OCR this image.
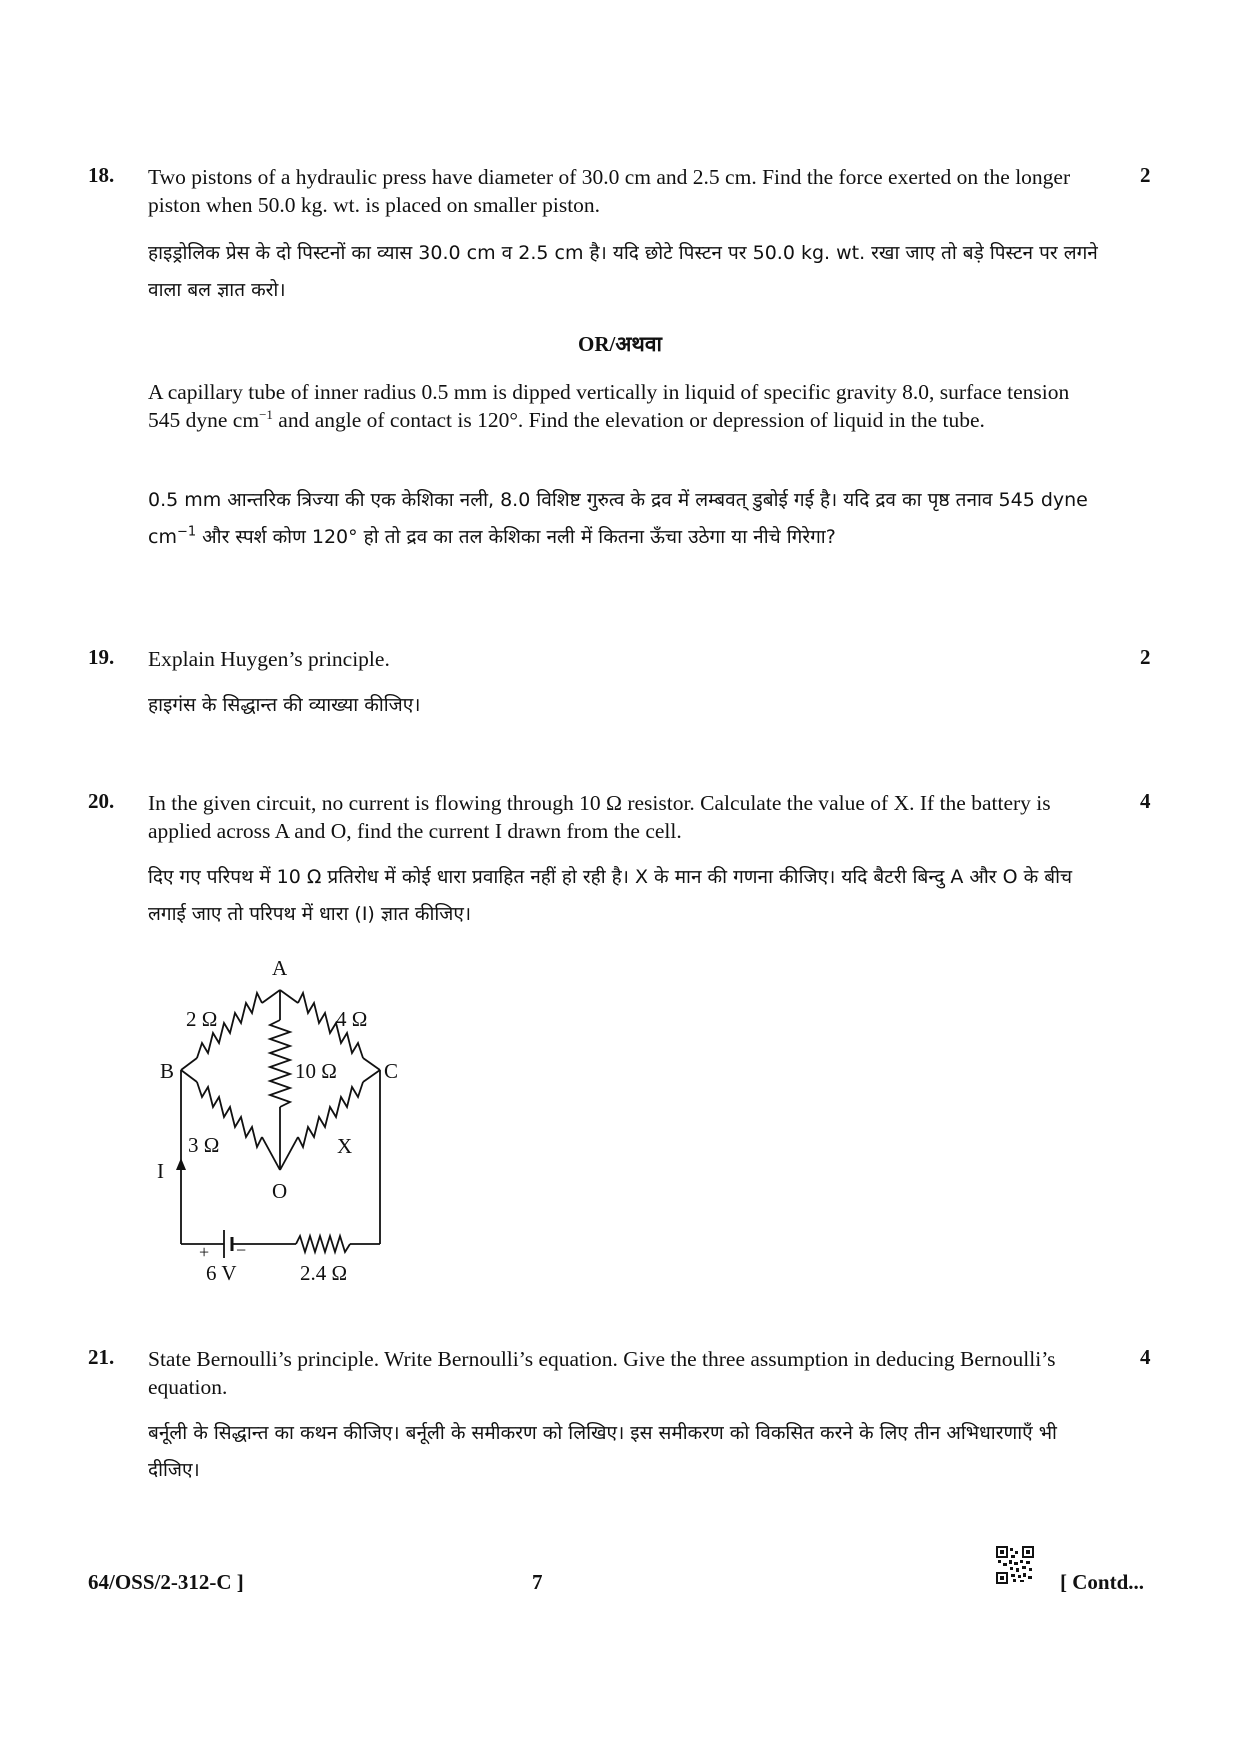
18. Two pistons of a hydraulic press have diameter of 30.0 cm and 2.5 cm. Find the force exerted on the longer piston when 50.0 kg. wt. is placed on smaller piston.
2
हाइड्रोलिक प्रेस के दो पिस्टनों का व्यास 30.0 cm व 2.5 cm है। यदि छोटे पिस्टन पर 50.0 kg. wt. रखा जाए तो बड़े पिस्टन पर लगने वाला बल ज्ञात करो।
OR/अथवा
A capillary tube of inner radius 0.5 mm is dipped vertically in liquid of specific gravity 8.0, surface tension 545 dyne $cm^{-1}$ and angle of contact is 120°. Find the elevation or depression of liquid in the tube.
0.5 mm आन्तरिक त्रिज्या की एक केशिका नली, 8.0 विशिष्ट गुरुत्व के द्रव में लम्बवत् डुबोई गई है। यदि द्रव का पृष्ठ तनाव 545 dyne $cm^{-1}$ और स्पर्श कोण 120° हो तो द्रव का तल केशिका नली में कितना ऊँचा उठेगा या नीचे गिरेगा?
19. Explain Huygen’s principle.	2
हाइगंस के सिद्धान्त की व्याख्या कीजिए।
20. In the given circuit, no current is flowing through 10 Ω resistor. Calculate the value of X. If the battery is applied across A and O, find the current I drawn from the cell.
4
दिए गए परिपथ में 10 Ω प्रतिरोध में कोई धारा प्रवाहित नहीं हो रही है। X के मान की गणना कीजिए। यदि बैटरी बिन्दु A और O के बीच लगाई जाए तो परिपथ में धारा (I) ज्ञात कीजिए।
A
B	C
O
2 Ω	4 Ω
10 Ω
3 Ω	X
I
+ −
6 V	2.4 Ω
21. State Bernoulli’s principle. Write Bernoulli’s equation. Give the three assumption in deducing Bernoulli’s equation.
4
बर्नूली के सिद्धान्त का कथन कीजिए। बर्नूली के समीकरण को लिखिए। इस समीकरण को विकसित करने के लिए तीन अभिधारणाएँ भी दीजिए।
64/OSS/2-312-C ]	7	[ Contd...
